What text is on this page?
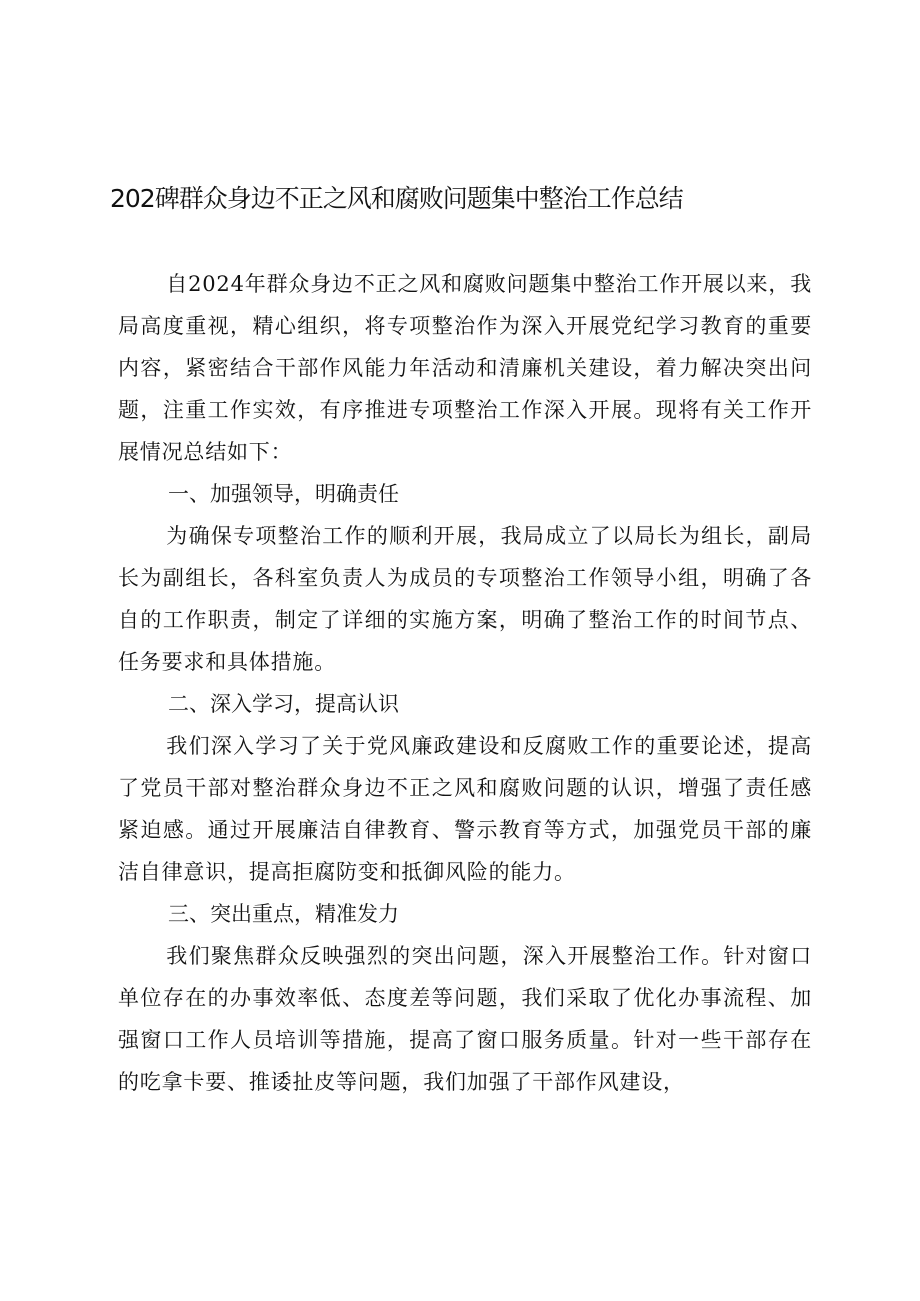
202碑群众身边不正之风和腐败问题集中整治工作总结

自2024年群众身边不正之风和腐败问题集中整治工作开展以来，我局高度重视，精心组织，将专项整治作为深入开展党纪学习教育的重要内容，紧密结合干部作风能力年活动和清廉机关建设，着力解决突出问题，注重工作实效，有序推进专项整治工作深入开展。现将有关工作开展情况总结如下：

一、加强领导，明确责任

为确保专项整治工作的顺利开展，我局成立了以局长为组长，副局长为副组长，各科室负责人为成员的专项整治工作领导小组，明确了各自的工作职责，制定了详细的实施方案，明确了整治工作的时间节点、任务要求和具体措施。

二、深入学习，提高认识

我们深入学习了关于党风廉政建设和反腐败工作的重要论述，提高了党员干部对整治群众身边不正之风和腐败问题的认识，增强了责任感紧迫感。通过开展廉洁自律教育、警示教育等方式，加强党员干部的廉洁自律意识，提高拒腐防变和抵御风险的能力。

三、突出重点，精准发力

我们聚焦群众反映强烈的突出问题，深入开展整治工作。针对窗口单位存在的办事效率低、态度差等问题，我们采取了优化办事流程、加强窗口工作人员培训等措施，提高了窗口服务质量。针对一些干部存在的吃拿卡要、推诿扯皮等问题，我们加强了干部作风建设，
